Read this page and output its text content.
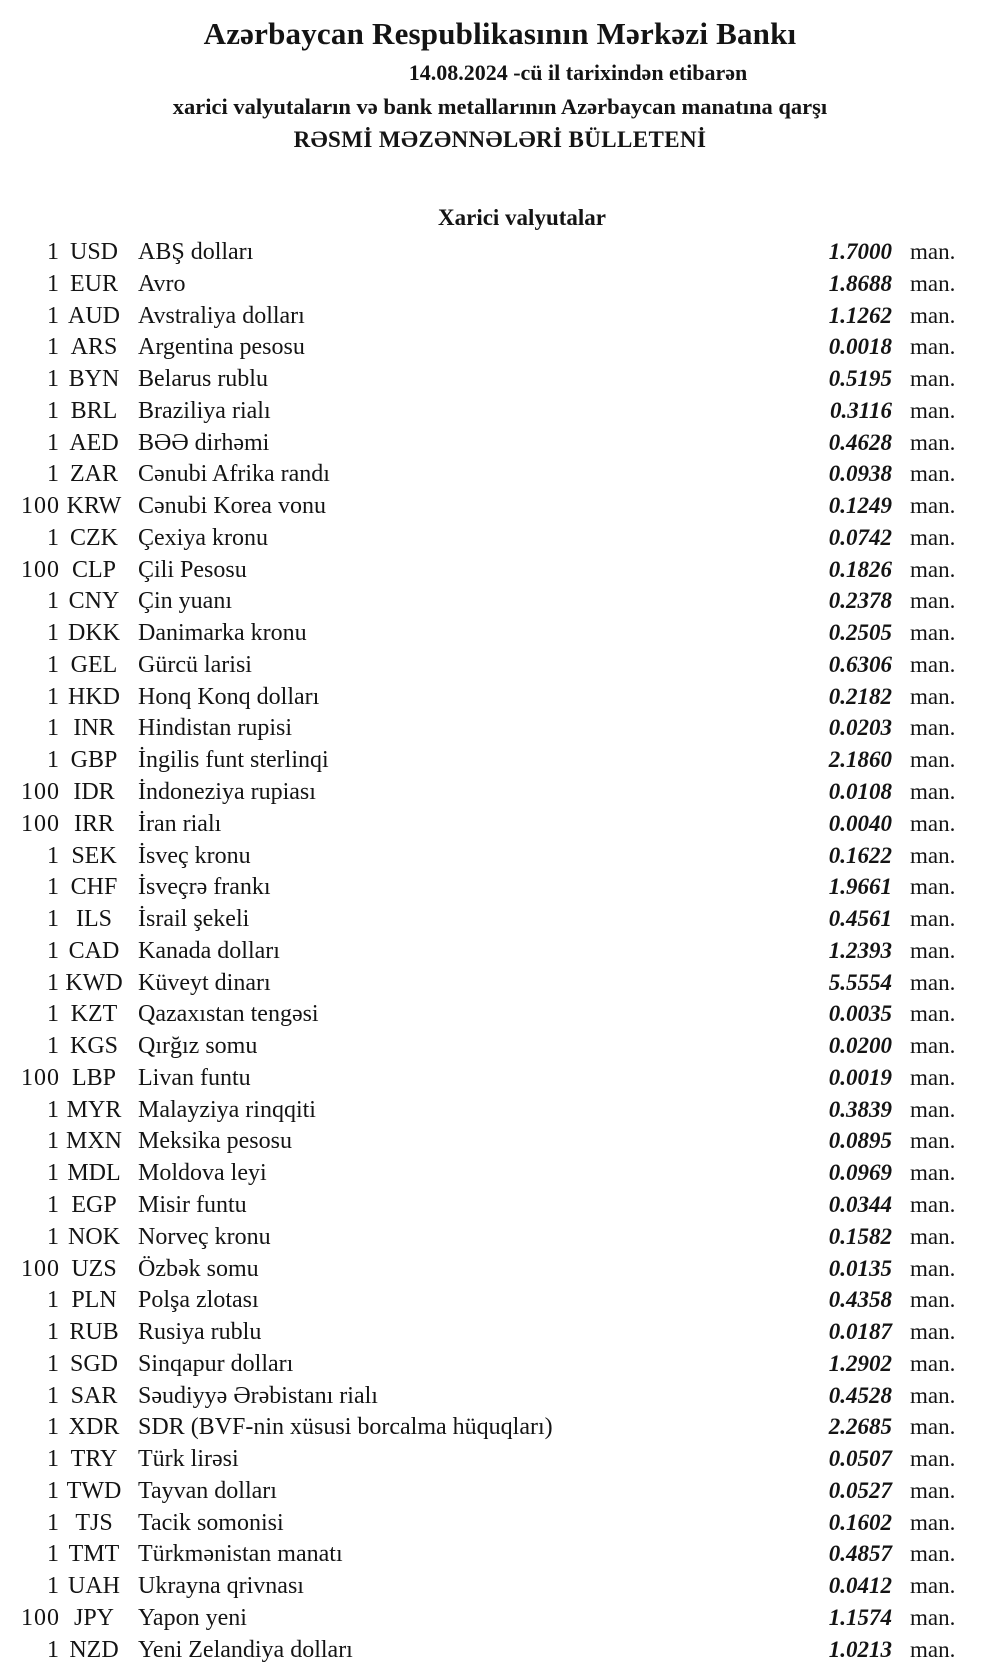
Azərbaycan Respublikasının Mərkəzi Bankı
14.08.2024 -cü il tarixindən etibarən
xarici valyutaların və bank metallarının Azərbaycan manatına qarşı
RƏSMİ MƏZƏNNƏLƏRİ BÜLLETENİ
Xarici valyutalar
1 USD ABŞ dolları	1.7000 man.
1 EUR Avro	1.8688 man.
1 AUD Avstraliya dolları	1.1262 man.
1 ARS Argentina pesosu	0.0018 man.
1 BYN Belarus rublu	0.5195 man.
1 BRL Braziliya rialı	0.3116 man.
1 AED BƏƏ dirhəmi	0.4628 man.
1 ZAR Cənubi Afrika randı	0.0938 man.
100 KRW Cənubi Korea vonu	0.1249 man.
1 CZK Çexiya kronu	0.0742 man.
100 CLP Çili Pesosu	0.1826 man.
1 CNY Çin yuanı	0.2378 man.
1 DKK Danimarka kronu	0.2505 man.
1 GEL Gürcü larisi	0.6306 man.
1 HKD Honq Konq dolları	0.2182 man.
1 INR Hindistan rupisi	0.0203 man.
1 GBP İngilis funt sterlinqi	2.1860 man.
100 IDR İndoneziya rupiası	0.0108 man.
100 IRR	İran rialı	0.0040 man.
1 SEK İsveç kronu	0.1622 man.
1 CHF İsveçrə frankı	1.9661 man.
1 ILS	İsrail şekeli	0.4561 man.
1 CAD Kanada dolları	1.2393 man.
1 KWD Küveyt dinarı	5.5554 man.
1 KZT Qazaxıstan tengəsi	0.0035 man.
1 KGS Qırğız somu	0.0200 man.
100 LBP Livan funtu	0.0019 man.
1 MYR Malayziya rinqqiti	0.3839 man.
1 MXN Meksika pesosu	0.0895 man.
1 MDL Moldova leyi	0.0969 man.
1 EGP Misir funtu	0.0344 man.
1 NOK Norveç kronu	0.1582 man.
100 UZS Özbək somu	0.0135 man.
1 PLN Polşa zlotası	0.4358 man.
1 RUB Rusiya rublu	0.0187 man.
1 SGD Sinqapur dolları	1.2902 man.
1 SAR Səudiyyə Ərəbistanı rialı	0.4528 man.
1 XDR SDR (BVF-nin xüsusi borcalma hüquqları)	2.2685 man.
1 TRY Türk lirəsi	0.0507 man.
1 TWD Tayvan dolları	0.0527 man.
1 TJS	Tacik somonisi	0.1602 man.
1 TMT Türkmənistan manatı	0.4857 man.
1 UAH Ukrayna qrivnası	0.0412 man.
100 JPY Yapon yeni	1.1574 man.
1 NZD Yeni Zelandiya dolları	1.0213 man.
